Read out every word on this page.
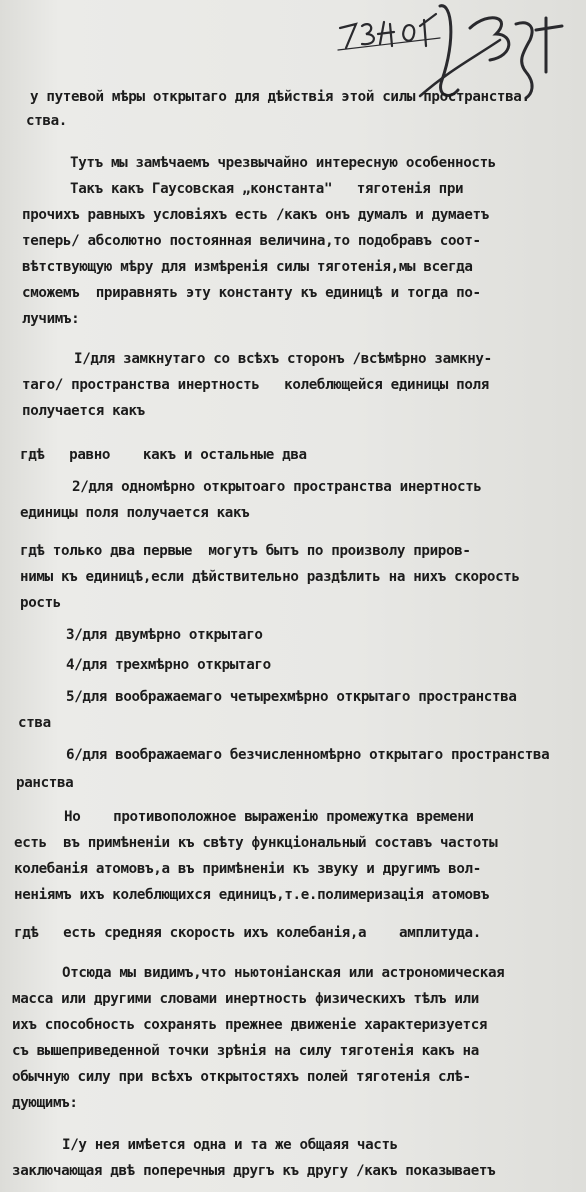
у путевой мѣры открытаго для дѣйствія этой силы пространства.
ства.
Тутъ мы замѣчаемъ чрезвычайно интересную особенность
Такъ какъ Гаусовская „константа"   тяготенія при
прочихъ равныхъ условіяхъ есть /какъ онъ думалъ и думаетъ
теперь/ абсолютно постоянная величина,то подобравъ соот-
вѣтствующую мѣру для измѣренія силы тяготенія,мы всегда
сможемъ  приравнять эту константу къ единицѣ и тогда по-
лучимъ:
I/для замкнутаго со всѣхъ сторонъ /всѣмѣрно замкну-
таго/ пространства инертность   колеблющейся единицы поля
получается какъ
гдѣ   равно    какъ и остальные два
2/для одномѣрно открытоаго пространства инертность
единицы поля получается какъ
гдѣ только два первые  могутъ бытъ по произволу приров-
нимы къ единицѣ,если дѣйствительно раздѣлить на нихъ скорость
рость
3/для двумѣрно открытаго
4/для трехмѣрно открытаго
5/для воображаемаго четырехмѣрно открытаго пространства
ства
6/для воображаемаго безчисленномѣрно открытаго пространства
ранства
Но    противоположное выраженію промежутка времени
есть  въ примѣненіи къ свѣту функціональный составъ частоты
колебанія атомовъ,а въ примѣненіи къ звуку и другимъ вол-
неніямъ ихъ колеблющихся единицъ,т.е.полимеризація атомовъ
гдѣ   есть средняя скорость ихъ колебанія,а    амплитуда.
Отсюда мы видимъ,что ньютоніанская или астрономическая
масса или другими словами инертность физическихъ тѣлъ или
ихъ способность сохранять прежнее движеніе характеризуется
съ вышеприведенной точки зрѣнія на силу тяготенія какъ на
обычную силу при всѣхъ открытостяхъ полей тяготенія слѣ-
дующимъ:
I/у нея имѣется одна и та же общаяя часть
заключающая двѣ поперечныя другъ къ другу /какъ показываетъ
